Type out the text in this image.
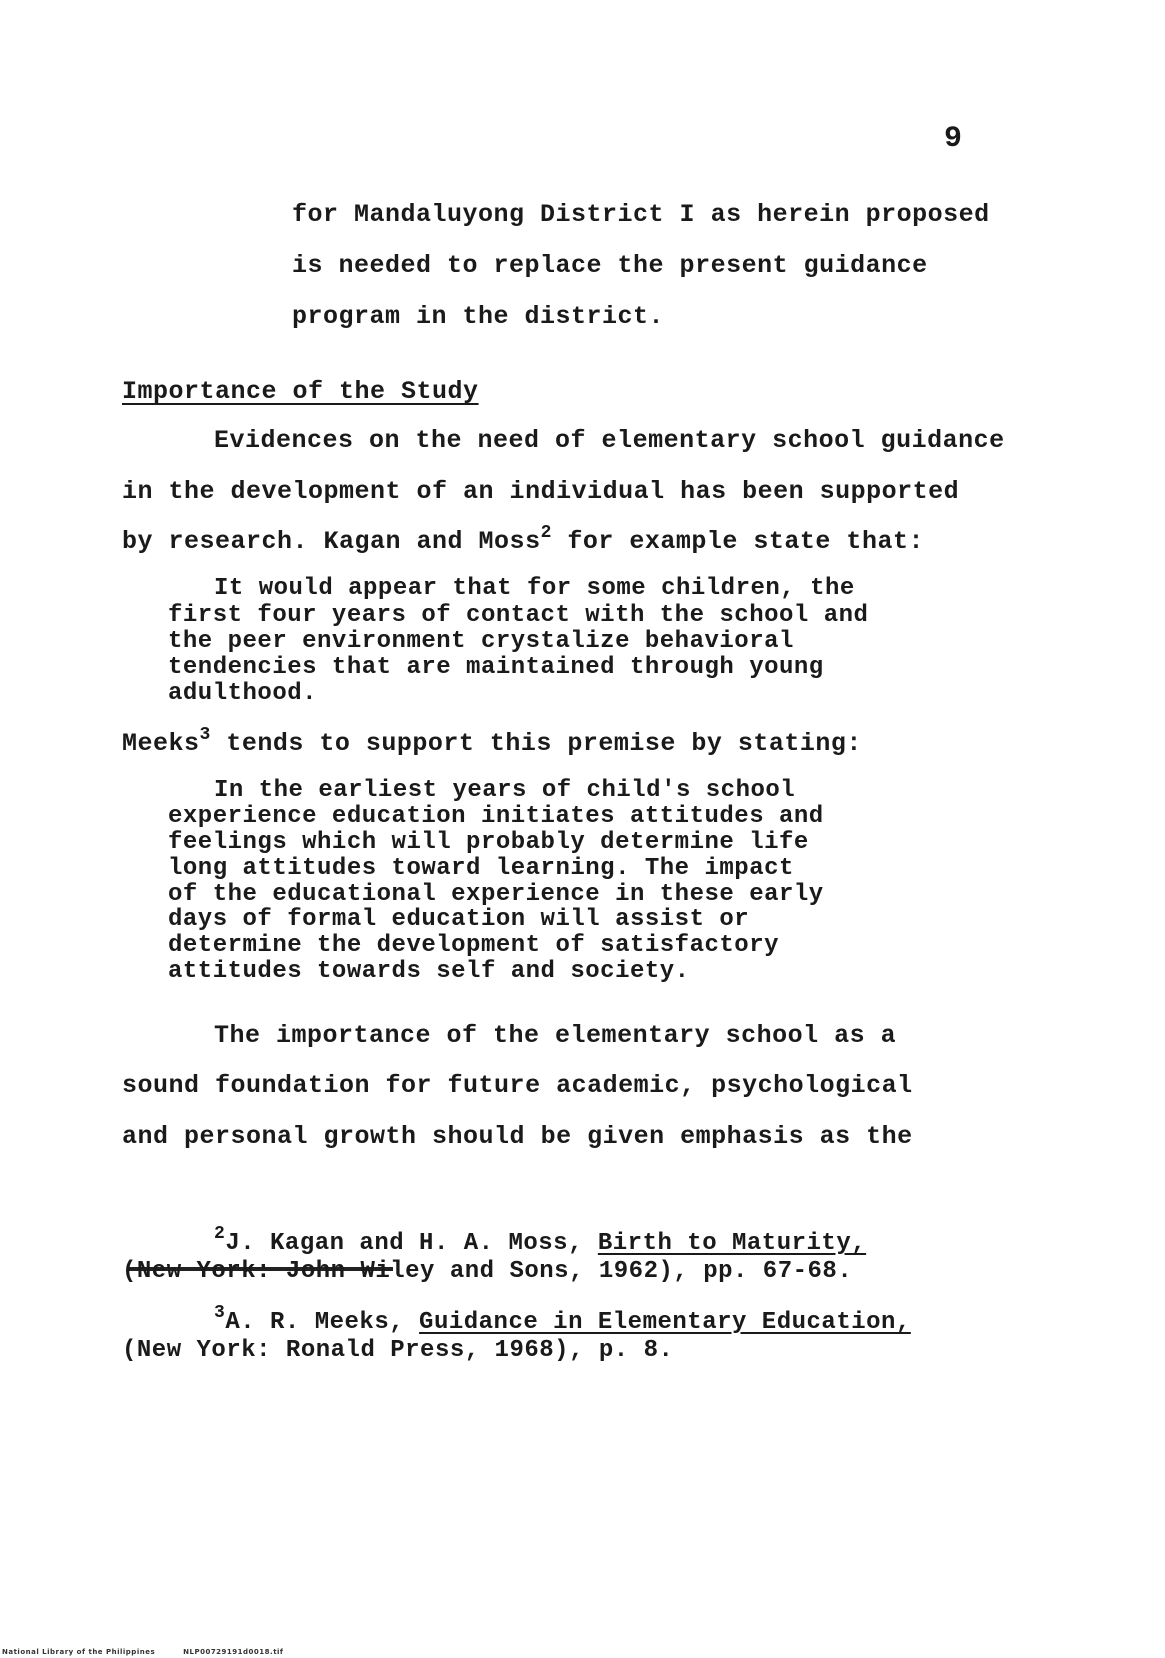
9
for Mandaluyong District I as herein proposed
is needed to replace the present guidance
program in the district.
Importance of the Study
Evidences on the need of elementary school guidance
in the development of an individual has been supported
by research. Kagan and Moss$^2$ for example state that:
It would appear that for some children, the
first four years of contact with the school and
the peer environment crystalize behavioral
tendencies that are maintained through young
adulthood.
Meeks$^3$ tends to support this premise by stating:
In the earliest years of child's school
experience education initiates attitudes and
feelings which will probably determine life
long attitudes toward learning. The impact
of the educational experience in these early
days of formal education will assist or
determine the development of satisfactory
attitudes towards self and society.
The importance of the elementary school as a
sound foundation for future academic, psychological
and personal growth should be given emphasis as the
$^2$J. Kagan and H. A. Moss, Birth to Maturity,
(New York: John Wiley and Sons, 1962), pp. 67-68.
$^3$A. R. Meeks, Guidance in Elementary Education,
(New York: Ronald Press, 1968), p. 8.
National Library of the Philippines	NLP00729191d0018.tif
